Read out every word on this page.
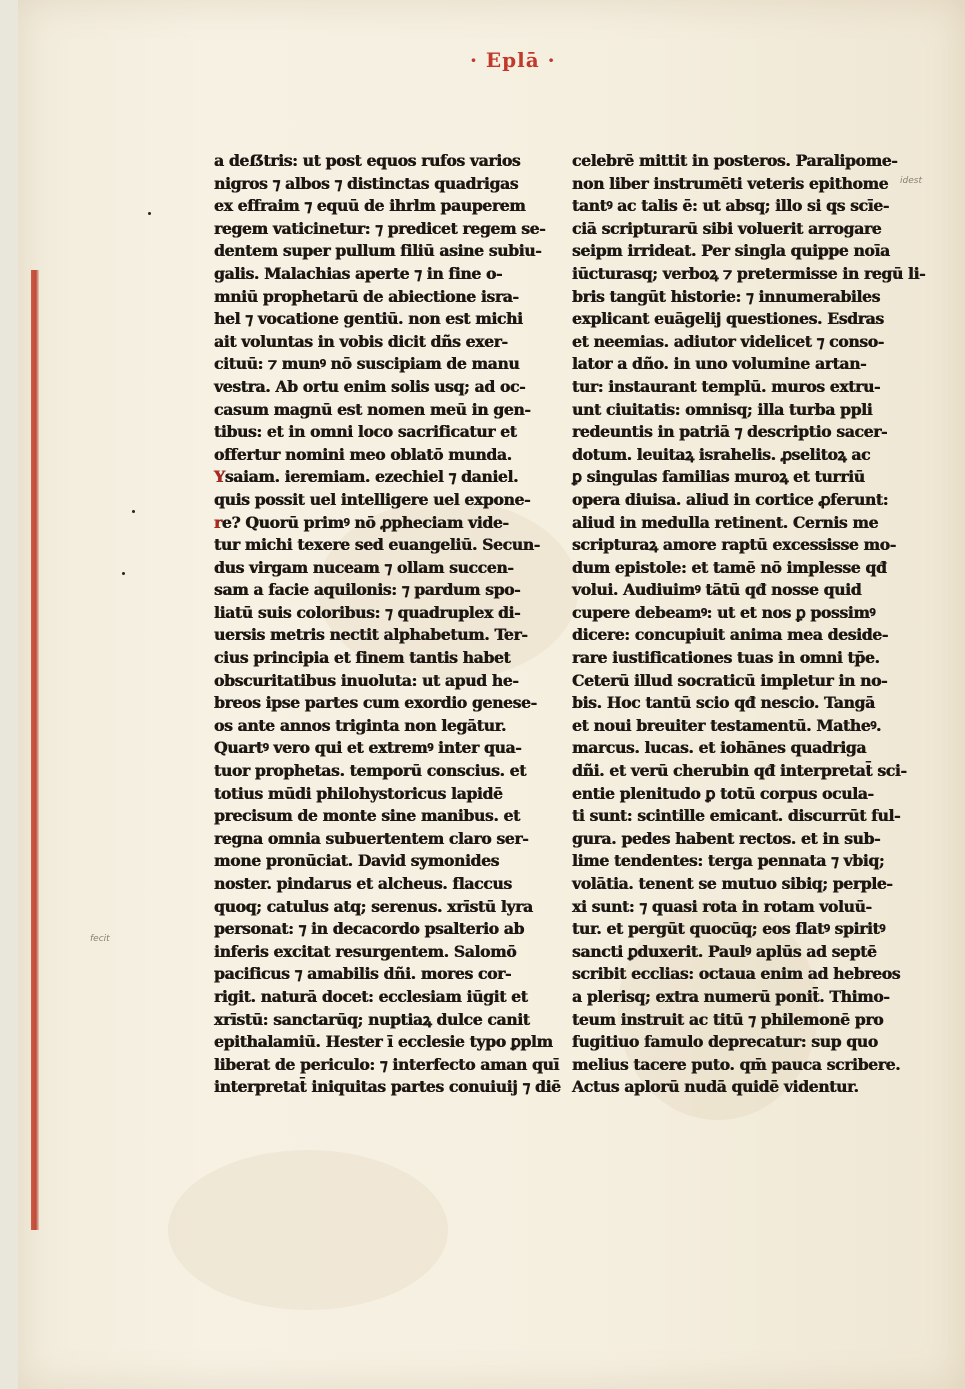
· Eplā ·
a deẞtris: ut post equos rufos varios
nigros ⁊ albos ⁊ distinctas quadrigas
ex effraim ⁊ equū de ihrlm pauperem
regem vaticinetur: ⁊ predicet regem se-
dentem super pullum filiū asine subiu-
galis. Malachias aperte ⁊ in fine o-
mniū prophetarū de abiectione isra-
hel ⁊ vocatione gentiū. non est michi
ait voluntas in vobis dicit dñs exer-
cituū: ⁊ munꝰ nō suscipiam de manu
vestra. Ab ortu enim solis usq; ad oc-
casum magnū est nomen meū in gen-
tibus: et in omni loco sacrificatur et
offertur nomini meo oblatō munda.
Ysaiam. ieremiam. ezechiel ⁊ daniel.
quis possit uel intelligere uel expone-
re? Quorū primꝰ nō ꝓpheciam vide-
tur michi texere sed euangeliū. Secun-
dus virgam nuceam ⁊ ollam succen-
sam a facie aquilonis: ⁊ pardum spo-
liatū suis coloribus: ⁊ quadruplex di-
uersis metris nectit alphabetum. Ter-
cius principia et finem tantis habet
obscuritatibus inuoluta: ut apud he-
breos ipse partes cum exordio genese-
os ante annos triginta non legātur.
Quartꝰ vero qui et extremꝰ inter qua-
tuor prophetas. temporū conscius. et
totius mūdi philohystoricus lapidē
precisum de monte sine manibus. et
regna omnia subuertentem claro ser-
mone pronūciat. David symonides
noster. pindarus et alcheus. flaccus
quoq; catulus atq; serenus. xrīstū lyra
personat: ⁊ in decacordo psalterio ab
inferis excitat resurgentem. Salomō
pacificus ⁊ amabilis dñi. mores cor-
rigit. naturā docet: ecclesiam iūgit et
xrīstū: sanctarūq; nuptiaꝝ dulce canit
epithalamiū. Hester ī ecclesie typo ꝑplm
liberat de periculo: ⁊ interfecto aman quī
interpretat̄ iniquitas partes conuiuij ⁊ diē
celebrē mittit in posteros. Paralipome-
non liber instrumēti veteris epithome
tantꝰ ac talis ē: ut absq; illo si qs scīe-
ciā scripturarū sibi voluerit arrogare
seipm irrideat. Per singla quippe noīa
iūcturasq; verboꝝ ⁊ pretermisse in regū li-
bris tangūt historie: ⁊ innumerabiles
explicant euāgelij questiones. Esdras
et neemias. adiutor videlicet ⁊ conso-
lator a dño. in uno volumine artan-
tur: instaurant templū. muros extru-
unt ciuitatis: omnisq; illa turba ppli
redeuntis in patriā ⁊ descriptio sacer-
dotum. leuitaꝝ israhelis. ꝓselitoꝝ ac
ꝑ singulas familias muroꝝ et turriū
opera diuisa. aliud in cortice ꝓferunt:
aliud in medulla retinent. Cernis me
scripturaꝝ amore raptū excessisse mo-
dum epistole: et tamē nō implesse qđ
volui. Audiuimꝰ tātū qđ nosse quid
cupere debeamꝰ: ut et nos ꝑ possimꝰ
dicere: concupiuit anima mea deside-
rare iustificationes tuas in omni tp̄e.
Ceterū illud socraticū impletur in no-
bis. Hoc tantū scio qđ nescio. Tangā
et noui breuiter testamentū. Matheꝰ.
marcus. lucas. et iohānes quadriga
dñi. et verū cherubin qđ interpretat̄ sci-
entie plenitudo ꝑ totū corpus ocula-
ti sunt: scintille emicant. discurrūt ful-
gura. pedes habent rectos. et in sub-
lime tendentes: terga pennata ⁊ vbiq;
volātia. tenent se mutuo sibiq; perple-
xi sunt: ⁊ quasi rota in rotam voluū-
tur. et pergūt quocūq; eos flatꝰ spiritꝰ
sancti ꝑduxerit. Paulꝰ aplūs ad septē
scribit ecclias: octaua enim ad hebreos
a plerisq; extra numerū ponit̄. Thimo-
teum instruit ac titū ⁊ philemonē pro
fugitiuo famulo deprecatur: sup quo
melius tacere puto. qm̄ pauca scribere.
Actus aplorū nudā quidē videntur.
idest
fecit
